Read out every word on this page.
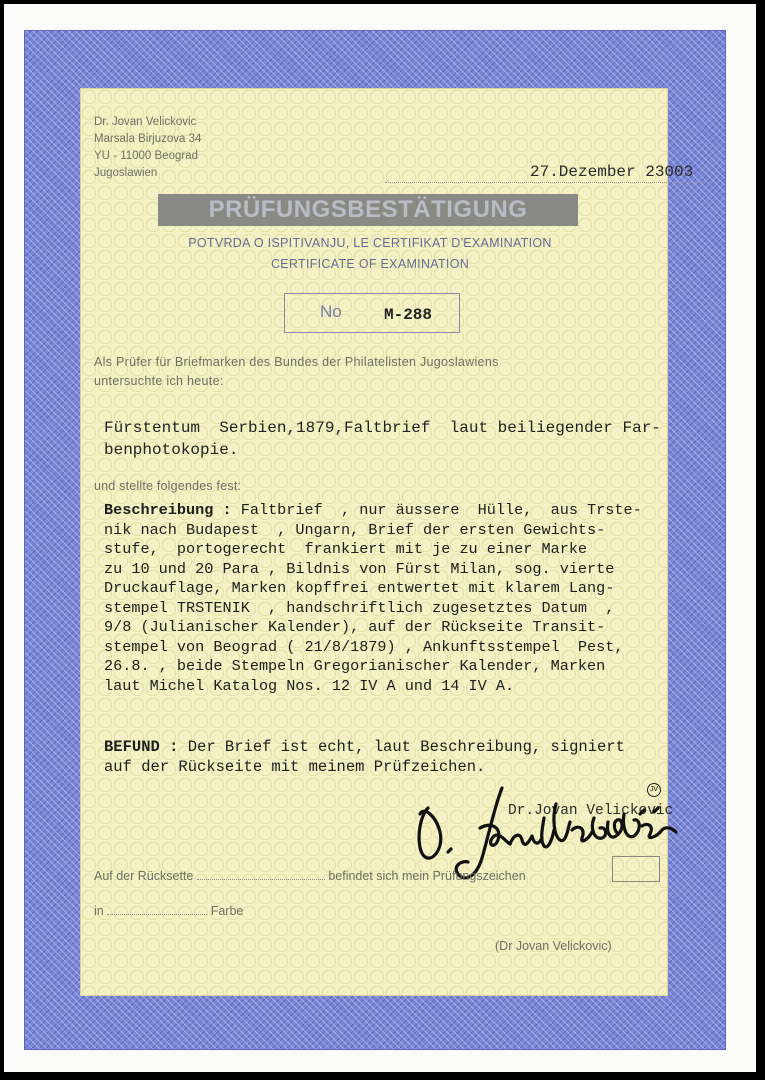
Dr. Jovan Velickovic
Marsala Birjuzova 34
YU - 11000 Beograd
Jugoslawien	27.Dezember 23003
PRÜFUNGSBESTÄTIGUNG
POTVRDA O ISPITIVANJU, LE CERTIFIKAT D'EXAMINATION
CERTIFICATE OF EXAMINATION
No	M-288
Als Prüfer für Briefmarken des Bundes der Philatelisten Jugoslawiens
untersuchte ich heute:
Fürstentum  Serbien,1879,Faltbrief  laut beiliegender Far-
benphotokopie.
und stellte folgendes fest:
Beschreibung : Faltbrief  , nur äussere  Hülle,  aus Trste-
nik nach Budapest  , Ungarn, Brief der ersten Gewichts-
stufe,  portogerecht  frankiert mit je zu einer Marke
zu 10 und 20 Para , Bildnis von Fürst Milan, sog. vierte
Druckauflage, Marken kopffrei entwertet mit klarem Lang-
stempel TRSTENIK  , handschriftlich zugesetztes Datum  ,
9/8 (Julianischer Kalender), auf der Rückseite Transit-
stempel von Beograd ( 21/8/1879) , Ankunftsstempel  Pest,
26.8. , beide Stempeln Gregorianischer Kalender, Marken
laut Michel Katalog Nos. 12 IV A und 14 IV A.
BEFUND : Der Brief ist echt, laut Beschreibung, signiert
auf der Rückseite mit meinem Prüfzeichen.
Dr.Jovan Velickovic
JV
Auf der Rücksette	befindet sich mein Prüfungszeichen
in	Farbe
(Dr Jovan Velickovic)
